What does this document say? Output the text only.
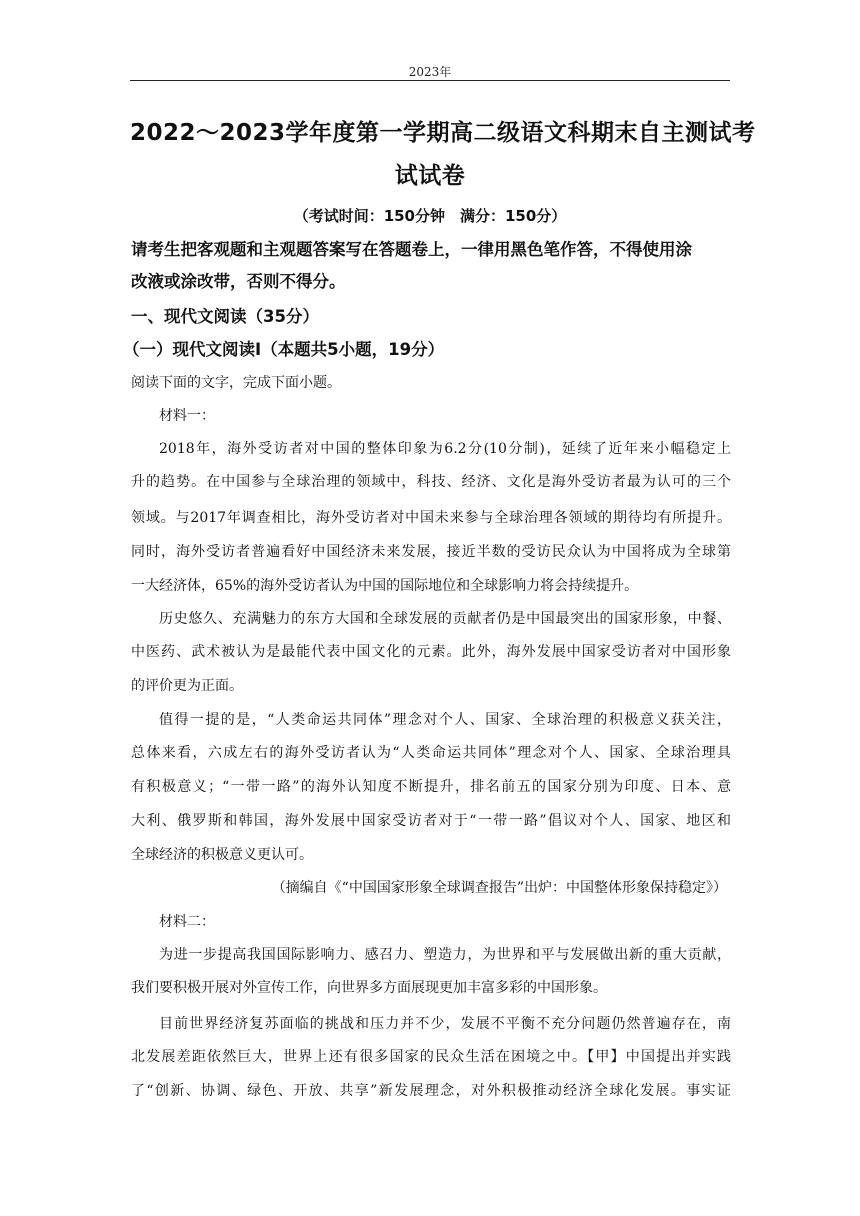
2023年
2022～2023学年度第一学期高二级语文科期末自主测试考
试试卷
（考试时间：150分钟　满分：150分）
请考生把客观题和主观题答案写在答题卷上，一律用黑色笔作答，不得使用涂
改液或涂改带，否则不得分。
一、现代文阅读（35分）
（一）现代文阅读Ⅰ（本题共5小题，19分）
阅读下面的文字，完成下面小题。
材料一：
2018年，海外受访者对中国的整体印象为6.2分(10分制)，延续了近年来小幅稳定上
升的趋势。在中国参与全球治理的领域中，科技、经济、文化是海外受访者最为认可的三个
领域。与2017年调查相比，海外受访者对中国未来参与全球治理各领域的期待均有所提升。
同时，海外受访者普遍看好中国经济未来发展，接近半数的受访民众认为中国将成为全球第
一大经济体，65%的海外受访者认为中国的国际地位和全球影响力将会持续提升。
历史悠久、充满魅力的东方大国和全球发展的贡献者仍是中国最突出的国家形象，中餐、
中医药、武术被认为是最能代表中国文化的元素。此外，海外发展中国家受访者对中国形象
的评价更为正面。
值得一提的是，“人类命运共同体”理念对个人、国家、全球治理的积极意义获关注，
总体来看，六成左右的海外受访者认为“人类命运共同体”理念对个人、国家、全球治理具
有积极意义；“一带一路”的海外认知度不断提升，排名前五的国家分别为印度、日本、意
大利、俄罗斯和韩国，海外发展中国家受访者对于“一带一路”倡议对个人、国家、地区和
全球经济的积极意义更认可。
（摘编自《“中国国家形象全球调查报告”出炉：中国整体形象保持稳定》）
材料二：
为进一步提高我国国际影响力、感召力、塑造力，为世界和平与发展做出新的重大贡献，
我们要积极开展对外宣传工作，向世界多方面展现更加丰富多彩的中国形象。
目前世界经济复苏面临的挑战和压力并不少，发展不平衡不充分问题仍然普遍存在，南
北发展差距依然巨大，世界上还有很多国家的民众生活在困境之中。【甲】中国提出并实践
了“创新、协调、绿色、开放、共享”新发展理念，对外积极推动经济全球化发展。事实证
